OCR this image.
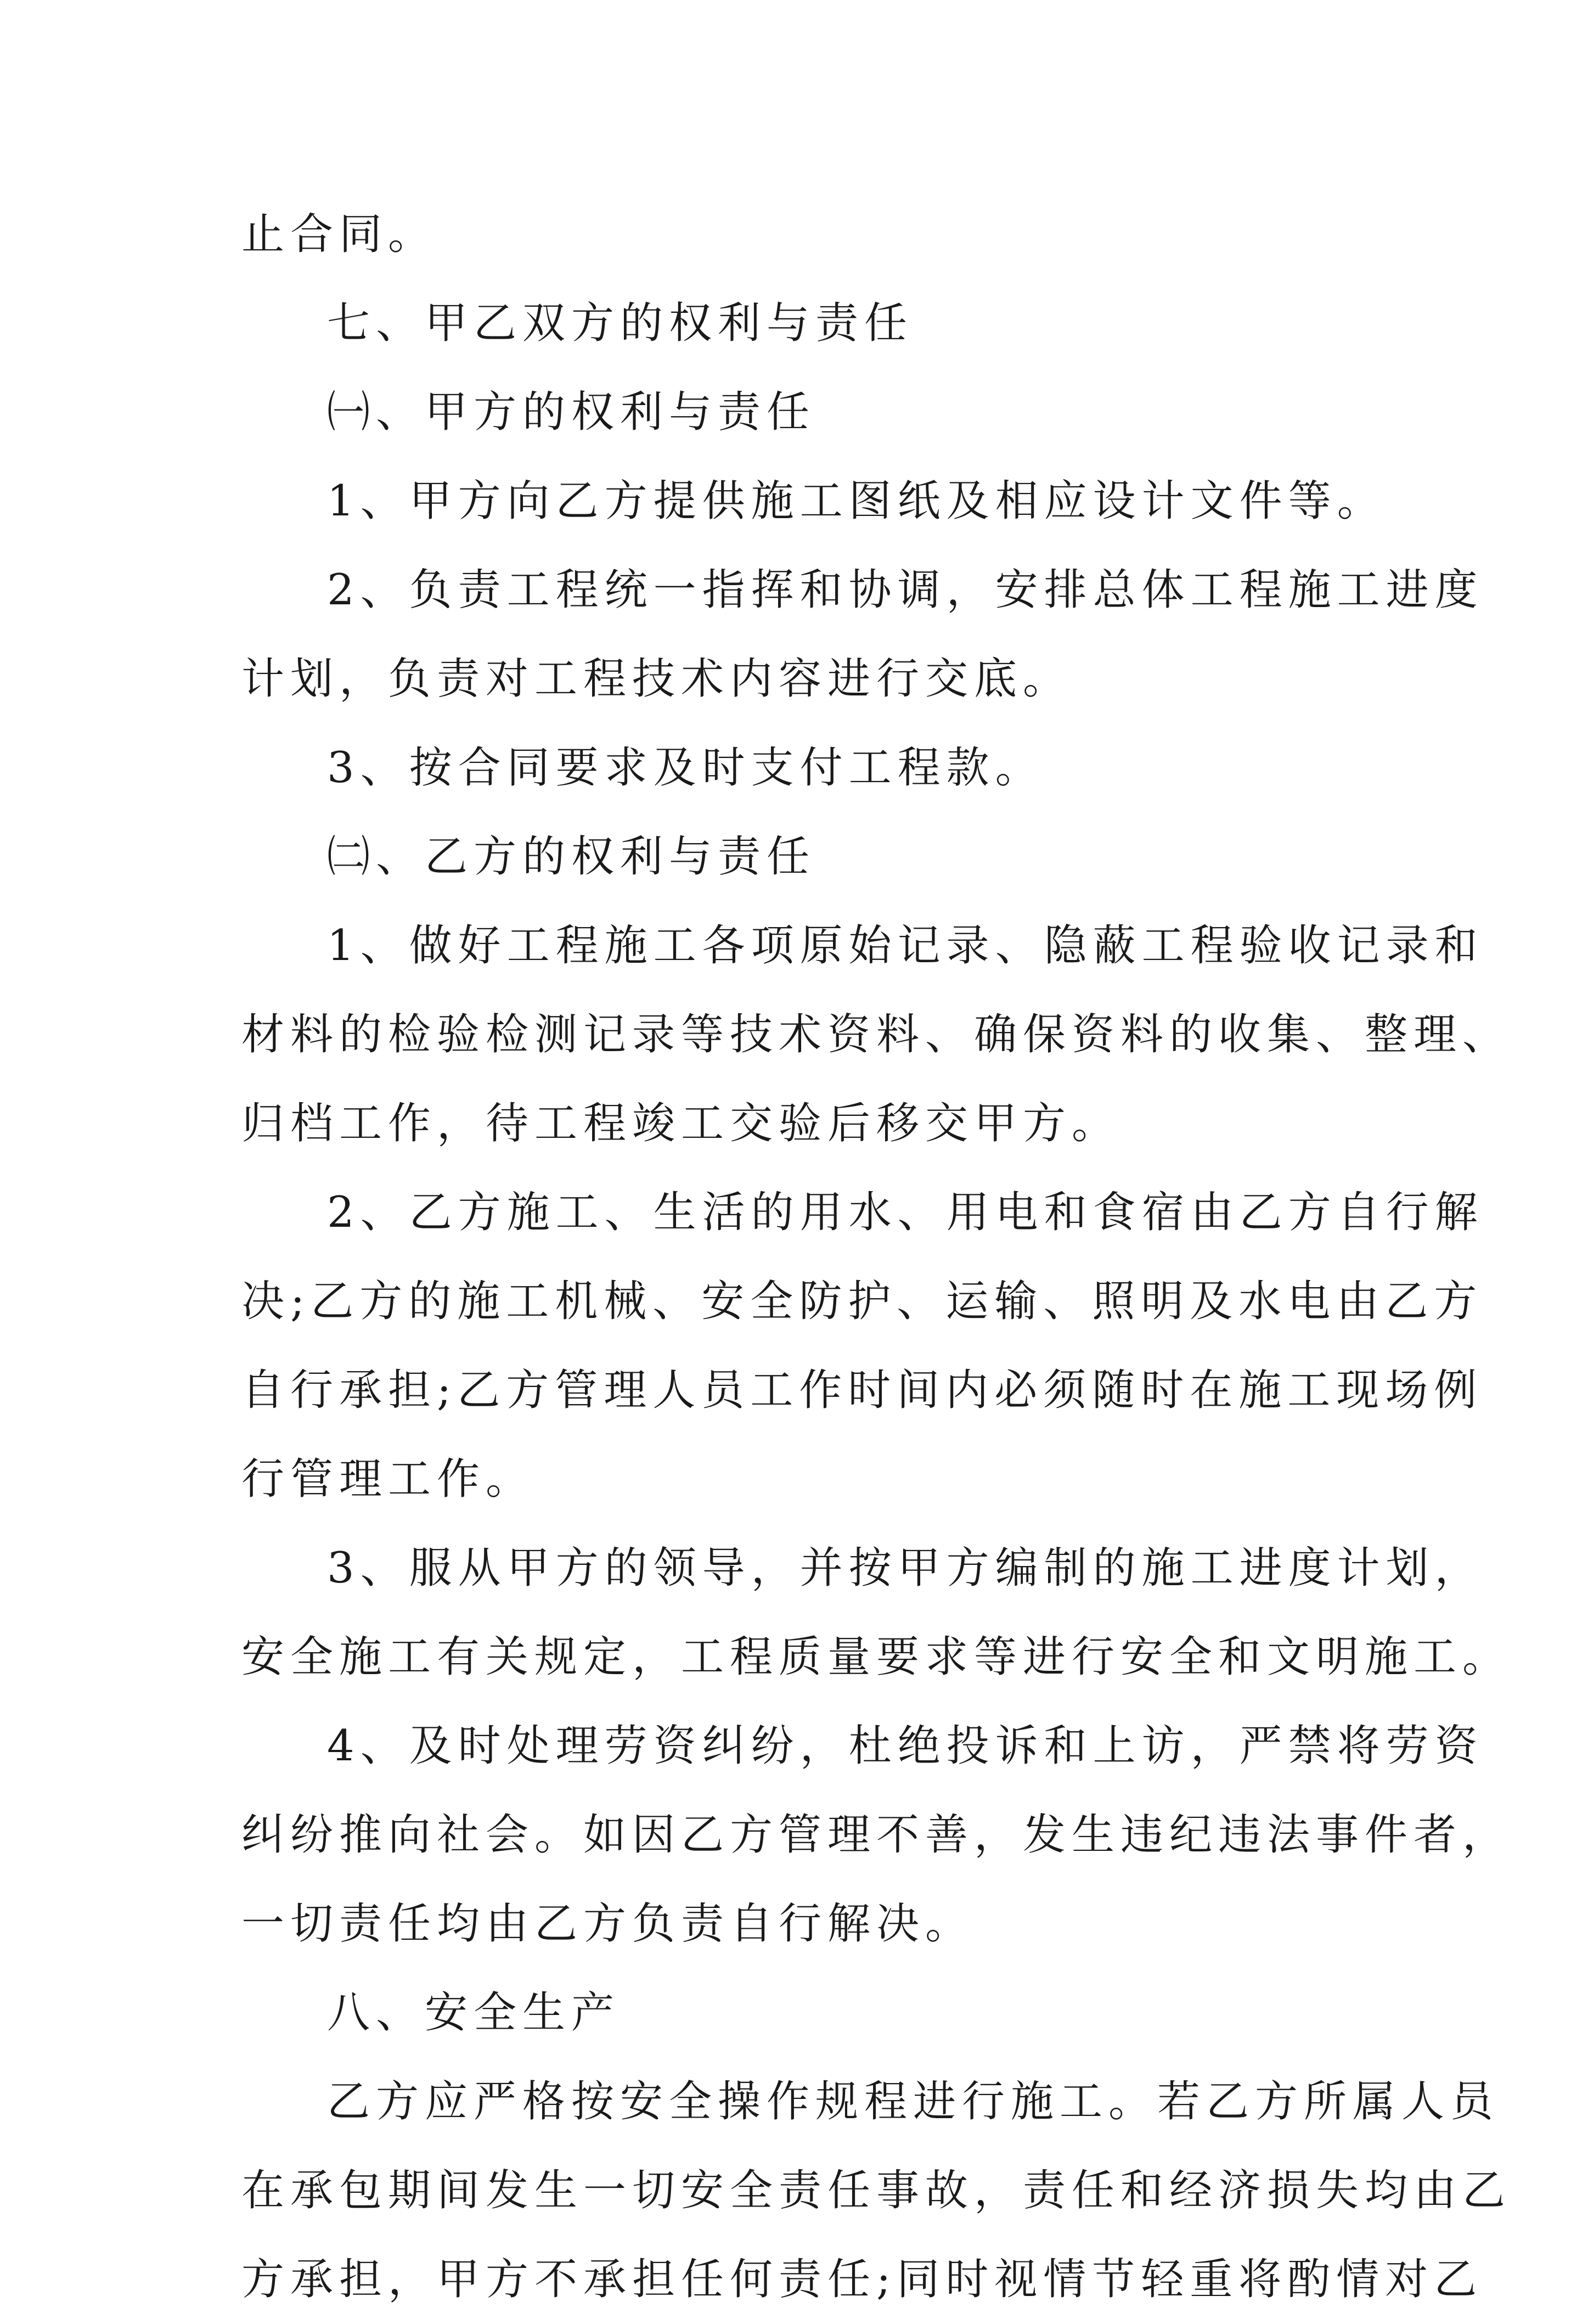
止合同。
七、甲乙双方的权利与责任
㈠、甲方的权利与责任
1、甲方向乙方提供施工图纸及相应设计文件等。
2、负责工程统一指挥和协调，安排总体工程施工进度
计划，负责对工程技术内容进行交底。
3、按合同要求及时支付工程款。
㈡、乙方的权利与责任
1、做好工程施工各项原始记录、隐蔽工程验收记录和
材料的检验检测记录等技术资料、确保资料的收集、整理、
归档工作，待工程竣工交验后移交甲方。
2、乙方施工、生活的用水、用电和食宿由乙方自行解
决;乙方的施工机械、安全防护、运输、照明及水电由乙方
自行承担;乙方管理人员工作时间内必须随时在施工现场例
行管理工作。
3、服从甲方的领导，并按甲方编制的施工进度计划，
安全施工有关规定，工程质量要求等进行安全和文明施工。
4、及时处理劳资纠纷，杜绝投诉和上访，严禁将劳资
纠纷推向社会。如因乙方管理不善，发生违纪违法事件者，
一切责任均由乙方负责自行解决。
八、安全生产
乙方应严格按安全操作规程进行施工。若乙方所属人员
在承包期间发生一切安全责任事故，责任和经济损失均由乙
方承担，甲方不承担任何责任;同时视情节轻重将酌情对乙
